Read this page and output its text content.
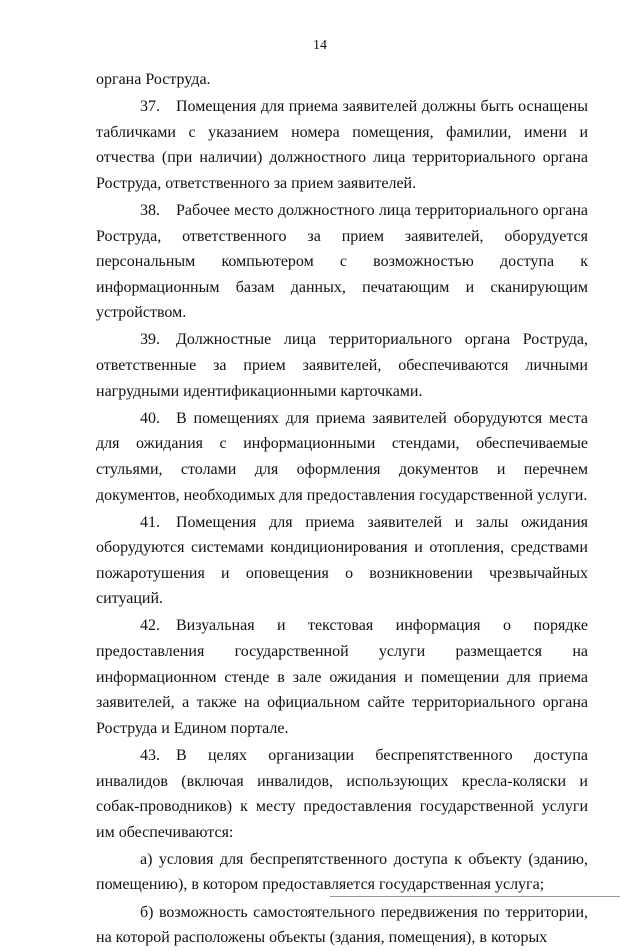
14

органа Роструда.

37. Помещения для приема заявителей должны быть оснащены табличками с указанием номера помещения, фамилии, имени и отчества (при наличии) должностного лица территориального органа Роструда, ответственного за прием заявителей.

38. Рабочее место должностного лица территориального органа Роструда, ответственного за прием заявителей, оборудуется персональным компьютером с возможностью доступа к информационным базам данных, печатающим и сканирующим устройством.

39. Должностные лица территориального органа Роструда, ответственные за прием заявителей, обеспечиваются личными нагрудными идентификационными карточками.

40. В помещениях для приема заявителей оборудуются места для ожидания с информационными стендами, обеспечиваемые стульями, столами для оформления документов и перечнем документов, необходимых для предоставления государственной услуги.

41. Помещения для приема заявителей и залы ожидания оборудуются системами кондиционирования и отопления, средствами пожаротушения и оповещения о возникновении чрезвычайных ситуаций.

42. Визуальная и текстовая информация о порядке предоставления государственной услуги размещается на информационном стенде в зале ожидания и помещении для приема заявителей, а также на официальном сайте территориального органа Роструда и Едином портале.

43. В целях организации беспрепятственного доступа инвалидов (включая инвалидов, использующих кресла-коляски и собак-проводников) к месту предоставления государственной услуги им обеспечиваются:

а) условия для беспрепятственного доступа к объекту (зданию, помещению), в котором предоставляется государственная услуга;

б) возможность самостоятельного передвижения по территории, на которой расположены объекты (здания, помещения), в которых
